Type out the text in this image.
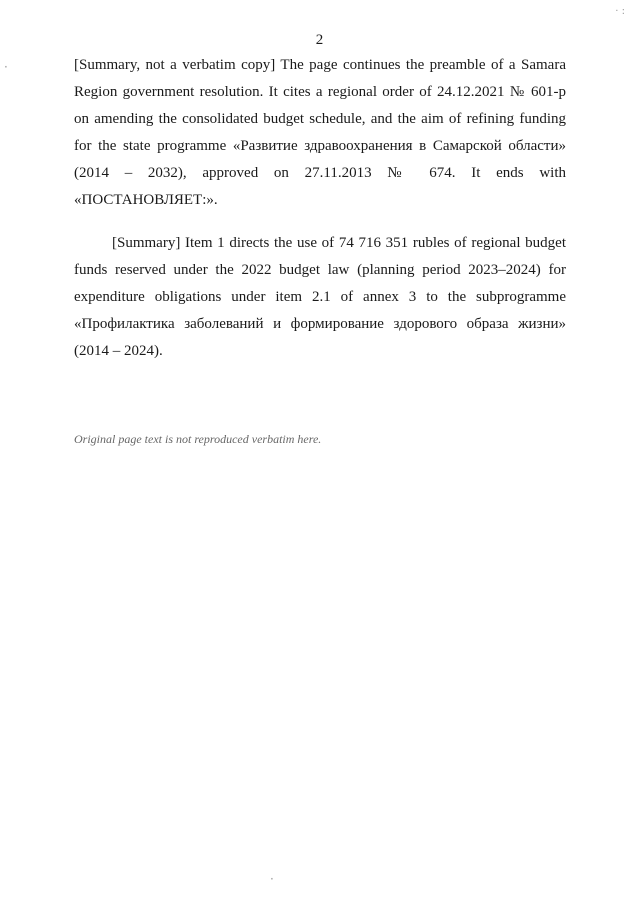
· :
·
2

[Summary, not a verbatim copy] The page continues the preamble of a Samara Region government resolution. It cites a regional order of 24.12.2021 № 601-р on amending the consolidated budget schedule, and the aim of refining funding for the state programme «Развитие здравоохранения в Самарской области» (2014 – 2032), approved on 27.11.2013 № 674. It ends with «ПОСТАНОВЛЯЕТ:».

[Summary] Item 1 directs the use of 74 716 351 rubles of regional budget funds reserved under the 2022 budget law (planning period 2023–2024) for expenditure obligations under item 2.1 of annex 3 to the subprogramme «Профилактика заболеваний и формирование здорового образа жизни» (2014 – 2024).

Original page text is not reproduced verbatim here.
·
